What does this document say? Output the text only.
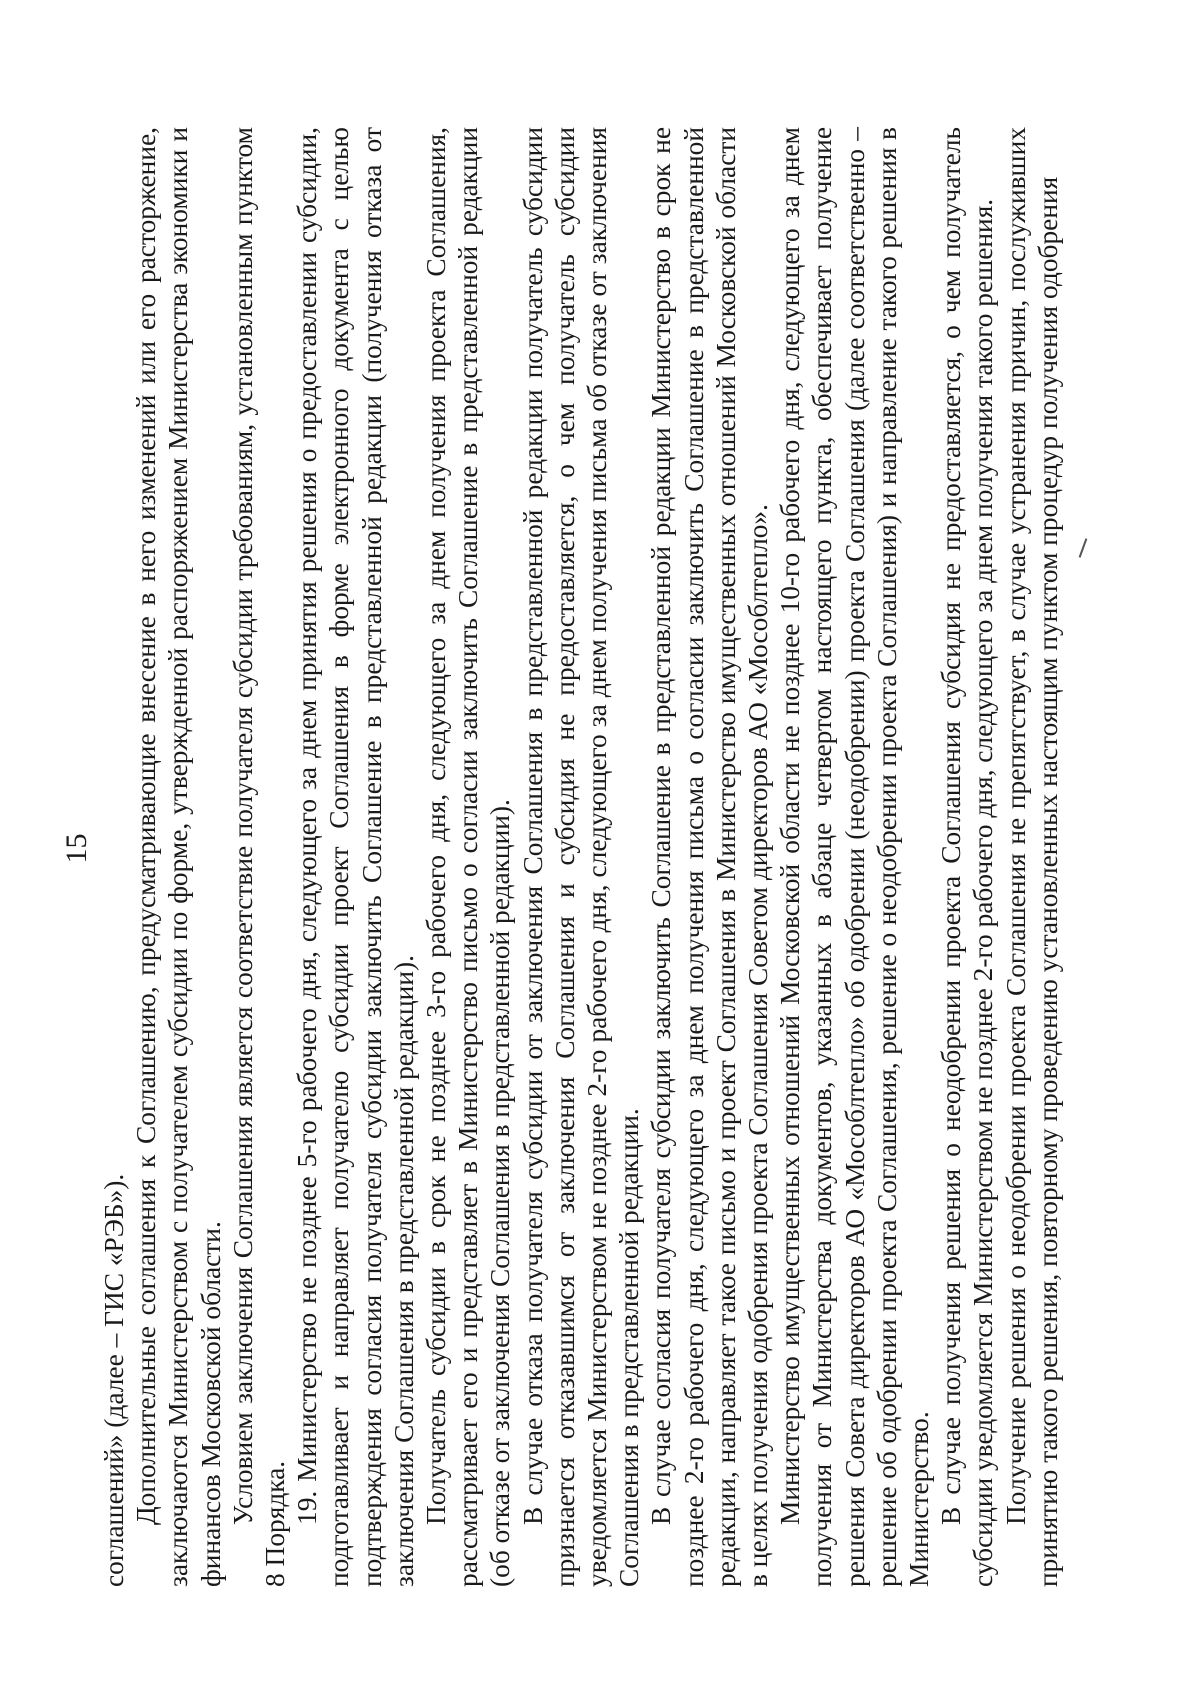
15

соглашений» (далее – ГИС «РЭБ»). Дополнительные соглашения к Соглашению, предусматривающие внесение в него изменений или его расторжение, заключаются Министерством с получателем субсидии по форме, утвержденной распоряжением Министерства экономики и финансов Московской области. Условием заключения Соглашения является соответствие получателя субсидии требованиям, установленным пунктом 8 Порядка. 19. Министерство не позднее 5-го рабочего дня, следующего за днем принятия решения о предоставлении субсидии, подготавливает и направляет получателю субсидии проект Соглашения в форме электронного документа с целью подтверждения согласия получателя субсидии заключить Соглашение в представленной редакции (получения отказа от заключения Соглашения в представленной редакции). Получатель субсидии в срок не позднее 3-го рабочего дня, следующего за днем получения проекта Соглашения, рассматривает его и представляет в Министерство письмо о согласии заключить Соглашение в представленной редакции (об отказе от заключения Соглашения в представленной редакции). В случае отказа получателя субсидии от заключения Соглашения в представленной редакции получатель субсидии признается отказавшимся от заключения Соглашения и субсидия не предоставляется, о чем получатель субсидии уведомляется Министерством не позднее 2-го рабочего дня, следующего за днем получения письма об отказе от заключения Соглашения в представленной редакции. В случае согласия получателя субсидии заключить Соглашение в представленной редакции Министерство в срок не позднее 2-го рабочего дня, следующего за днем получения письма о согласии заключить Соглашение в представленной редакции, направляет такое письмо и проект Соглашения в Министерство имущественных отношений Московской области в целях получения одобрения проекта Соглашения Советом директоров АО «Мособлтепло». Министерство имущественных отношений Московской области не позднее 10-го рабочего дня, следующего за днем получения от Министерства документов, указанных в абзаце четвертом настоящего пункта, обеспечивает получение решения Совета директоров АО «Мособлтепло» об одобрении (неодобрении) проекта Соглашения (далее соответственно – решение об одобрении проекта Соглашения, решение о неодобрении проекта Соглашения) и направление такого решения в Министерство. В случае получения решения о неодобрении проекта Соглашения субсидия не предоставляется, о чем получатель субсидии уведомляется Министерством не позднее 2-го рабочего дня, следующего за днем получения такого решения. Получение решения о неодобрении проекта Соглашения не препятствует, в случае устранения причин, послуживших принятию такого решения, повторному проведению установленных настоящим пунктом процедур получения одобрения
